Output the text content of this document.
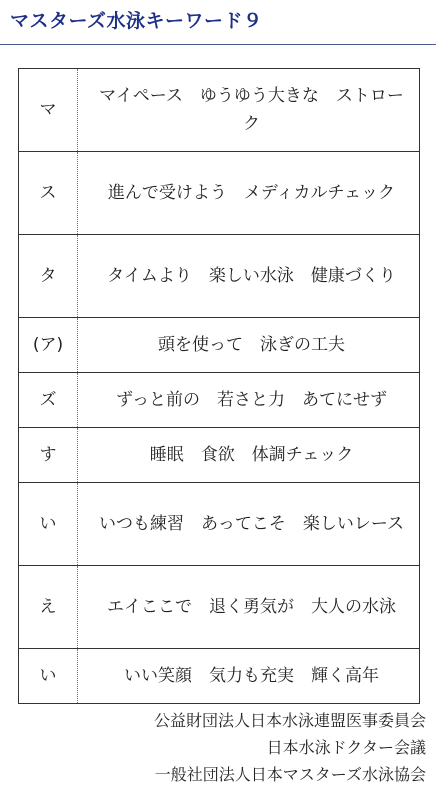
マスターズ水泳キーワード９
マ	マイペース　ゆうゆう大きな　ストローク
ス	進んで受けよう　メディカルチェック
タ	タイムより　楽しい水泳　健康づくり
(ア)	頭を使って　泳ぎの工夫
ズ	ずっと前の　若さと力　あてにせず
す	睡眠　食欲　体調チェック
い	いつも練習　あってこそ　楽しいレース
え	エイここで　退く勇気が　大人の水泳
い	いい笑顔　気力も充実　輝く高年
公益財団法人日本水泳連盟医事委員会
日本水泳ドクター会議
一般社団法人日本マスターズ水泳協会
